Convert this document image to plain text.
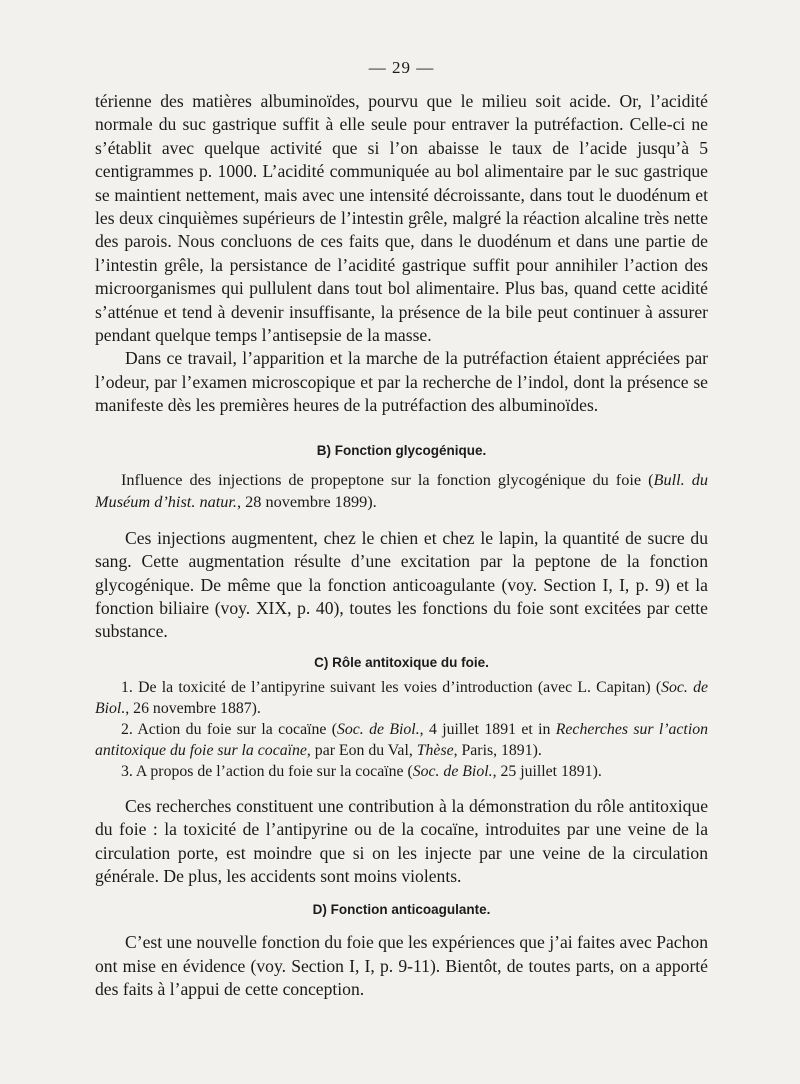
— 29 —

térienne des matières albuminoïdes, pourvu que le milieu soit acide. Or, l’acidité normale du suc gastrique suffit à elle seule pour entraver la putréfaction. Celle-ci ne s’établit avec quelque activité que si l’on abaisse le taux de l’acide jusqu’à 5 centigrammes p. 1000. L’acidité communiquée au bol alimentaire par le suc gastrique se maintient nettement, mais avec une intensité décroissante, dans tout le duodénum et les deux cinquièmes supérieurs de l’intestin grêle, malgré la réaction alcaline très nette des parois. Nous concluons de ces faits que, dans le duodénum et dans une partie de l’intestin grêle, la persistance de l’acidité gastrique suffit pour annihiler l’action des microorganismes qui pullulent dans tout bol alimentaire. Plus bas, quand cette acidité s’atténue et tend à devenir insuffisante, la présence de la bile peut continuer à assurer pendant quelque temps l’antisepsie de la masse.

Dans ce travail, l’apparition et la marche de la putréfaction étaient appréciées par l’odeur, par l’examen microscopique et par la recherche de l’indol, dont la présence se manifeste dès les premières heures de la putréfaction des albuminoïdes.

B) Fonction glycogénique.

Influence des injections de propeptone sur la fonction glycogénique du foie (Bull. du Muséum d’hist. natur., 28 novembre 1899).

Ces injections augmentent, chez le chien et chez le lapin, la quantité de sucre du sang. Cette augmentation résulte d’une excitation par la peptone de la fonction glycogénique. De même que la fonction anticoagulante (voy. Section I, I, p. 9) et la fonction biliaire (voy. XIX, p. 40), toutes les fonctions du foie sont excitées par cette substance.

C) Rôle antitoxique du foie.

1. De la toxicité de l’antipyrine suivant les voies d’introduction (avec L. Capitan) (Soc. de Biol., 26 novembre 1887).

2. Action du foie sur la cocaïne (Soc. de Biol., 4 juillet 1891 et in Recherches sur l’action antitoxique du foie sur la cocaïne, par Eon du Val, Thèse, Paris, 1891).

3. A propos de l’action du foie sur la cocaïne (Soc. de Biol., 25 juillet 1891).

Ces recherches constituent une contribution à la démonstration du rôle antitoxique du foie : la toxicité de l’antipyrine ou de la cocaïne, introduites par une veine de la circulation porte, est moindre que si on les injecte par une veine de la circulation générale. De plus, les accidents sont moins violents.

D) Fonction anticoagulante.

C’est une nouvelle fonction du foie que les expériences que j’ai faites avec Pachon ont mise en évidence (voy. Section I, I, p. 9-11). Bientôt, de toutes parts, on a apporté des faits à l’appui de cette conception.
